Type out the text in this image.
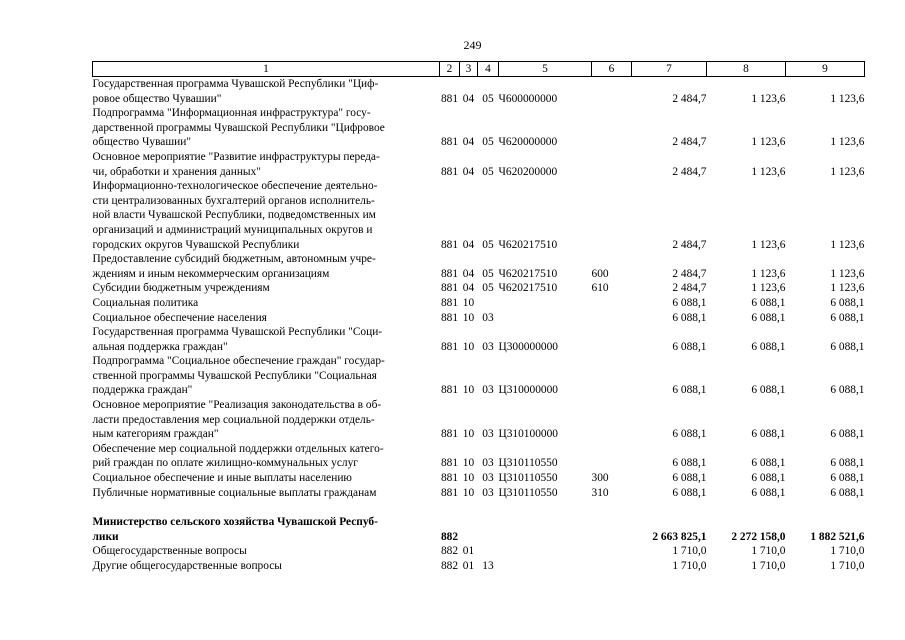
249
1	2	3	4	5	6	7	8	9
Государственная программа Чувашской Республики "Циф-
ровое общество Чувашии"	881	04	05	Ч600000000		2 484,7	1 123,6	1 123,6
Подпрограмма "Информационная инфраструктура" госу-
дарственной программы Чувашской Республики "Цифровое
общество Чувашии"	881	04	05	Ч620000000		2 484,7	1 123,6	1 123,6
Основное мероприятие "Развитие инфраструктуры переда-
чи, обработки и хранения данных"	881	04	05	Ч620200000		2 484,7	1 123,6	1 123,6
Информационно-технологическое обеспечение деятельно-
сти централизованных бухгалтерий органов исполнитель-
ной власти Чувашской Республики, подведомственных им
организаций и администраций муниципальных округов и
городских округов Чувашской Республики	881	04	05	Ч620217510		2 484,7	1 123,6	1 123,6
Предоставление субсидий бюджетным, автономным учре-
ждениям и иным некоммерческим организациям	881	04	05	Ч620217510	600	2 484,7	1 123,6	1 123,6
Субсидии бюджетным учреждениям	881	04	05	Ч620217510	610	2 484,7	1 123,6	1 123,6
Социальная политика	881	10				6 088,1	6 088,1	6 088,1
Социальное обеспечение населения	881	10	03			6 088,1	6 088,1	6 088,1
Государственная программа Чувашской Республики "Соци-
альная поддержка граждан"	881	10	03	Ц300000000		6 088,1	6 088,1	6 088,1
Подпрограмма "Социальное обеспечение граждан" государ-
ственной программы Чувашской Республики "Социальная
поддержка граждан"	881	10	03	Ц310000000		6 088,1	6 088,1	6 088,1
Основное мероприятие "Реализация законодательства в об-
ласти предоставления мер социальной поддержки отдель-
ным категориям граждан"	881	10	03	Ц310100000		6 088,1	6 088,1	6 088,1
Обеспечение мер социальной поддержки отдельных катего-
рий граждан по оплате жилищно-коммунальных услуг	881	10	03	Ц310110550		6 088,1	6 088,1	6 088,1
Социальное обеспечение и иные выплаты населению	881	10	03	Ц310110550	300	6 088,1	6 088,1	6 088,1
Публичные нормативные социальные выплаты гражданам	881	10	03	Ц310110550	310	6 088,1	6 088,1	6 088,1

Министерство сельского хозяйства Чувашской Респуб-
лики	882					2 663 825,1	2 272 158,0	1 882 521,6
Общегосударственные вопросы	882	01				1 710,0	1 710,0	1 710,0
Другие общегосударственные вопросы	882	01	13			1 710,0	1 710,0	1 710,0
